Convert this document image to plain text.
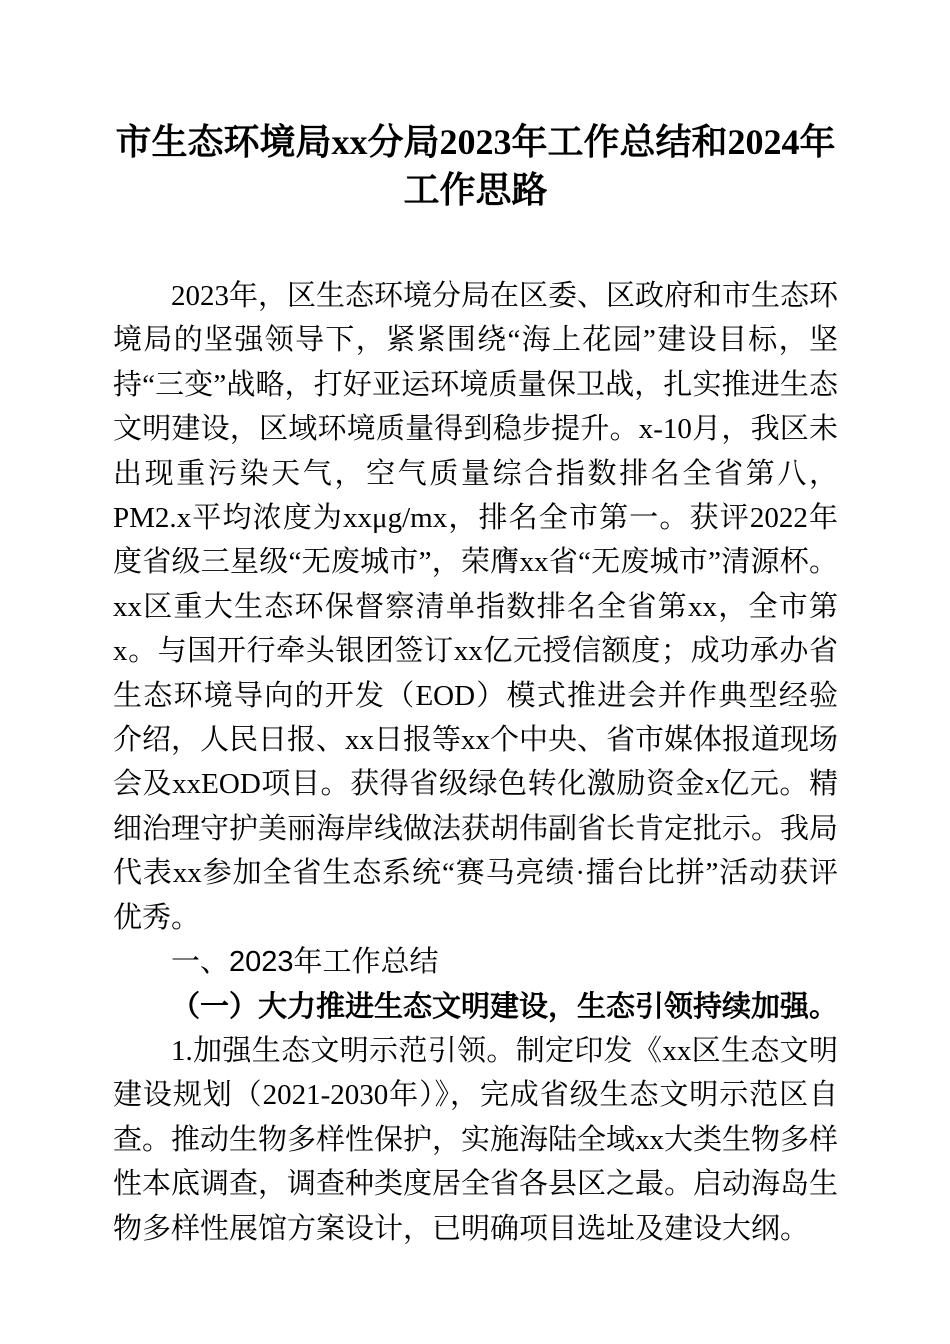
市生态环境局xx分局2023年工作总结和2024年工作思路

2023年，区生态环境分局在区委、区政府和市生态环境局的坚强领导下，紧紧围绕“海上花园”建设目标，坚持“三变”战略，打好亚运环境质量保卫战，扎实推进生态文明建设，区域环境质量得到稳步提升。x-10月，我区未出现重污染天气，空气质量综合指数排名全省第八，PM2.x平均浓度为xxμg/mx，排名全市第一。获评2022年度省级三星级“无废城市”，荣膺xx省“无废城市”清源杯。xx区重大生态环保督察清单指数排名全省第xx，全市第x。与国开行牵头银团签订xx亿元授信额度；成功承办省生态环境导向的开发（EOD）模式推进会并作典型经验介绍，人民日报、xx日报等xx个中央、省市媒体报道现场会及xxEOD项目。获得省级绿色转化激励资金x亿元。精细治理守护美丽海岸线做法获胡伟副省长肯定批示。我局代表xx参加全省生态系统“赛马亮绩·擂台比拼”活动获评优秀。

一、2023年工作总结
（一）大力推进生态文明建设，生态引领持续加强。

1.加强生态文明示范引领。制定印发《xx区生态文明建设规划（2021-2030年）》，完成省级生态文明示范区自查。推动生物多样性保护，实施海陆全域xx大类生物多样性本底调查，调查种类度居全省各县区之最。启动海岛生物多样性展馆方案设计，已明确项目选址及建设大纲。
